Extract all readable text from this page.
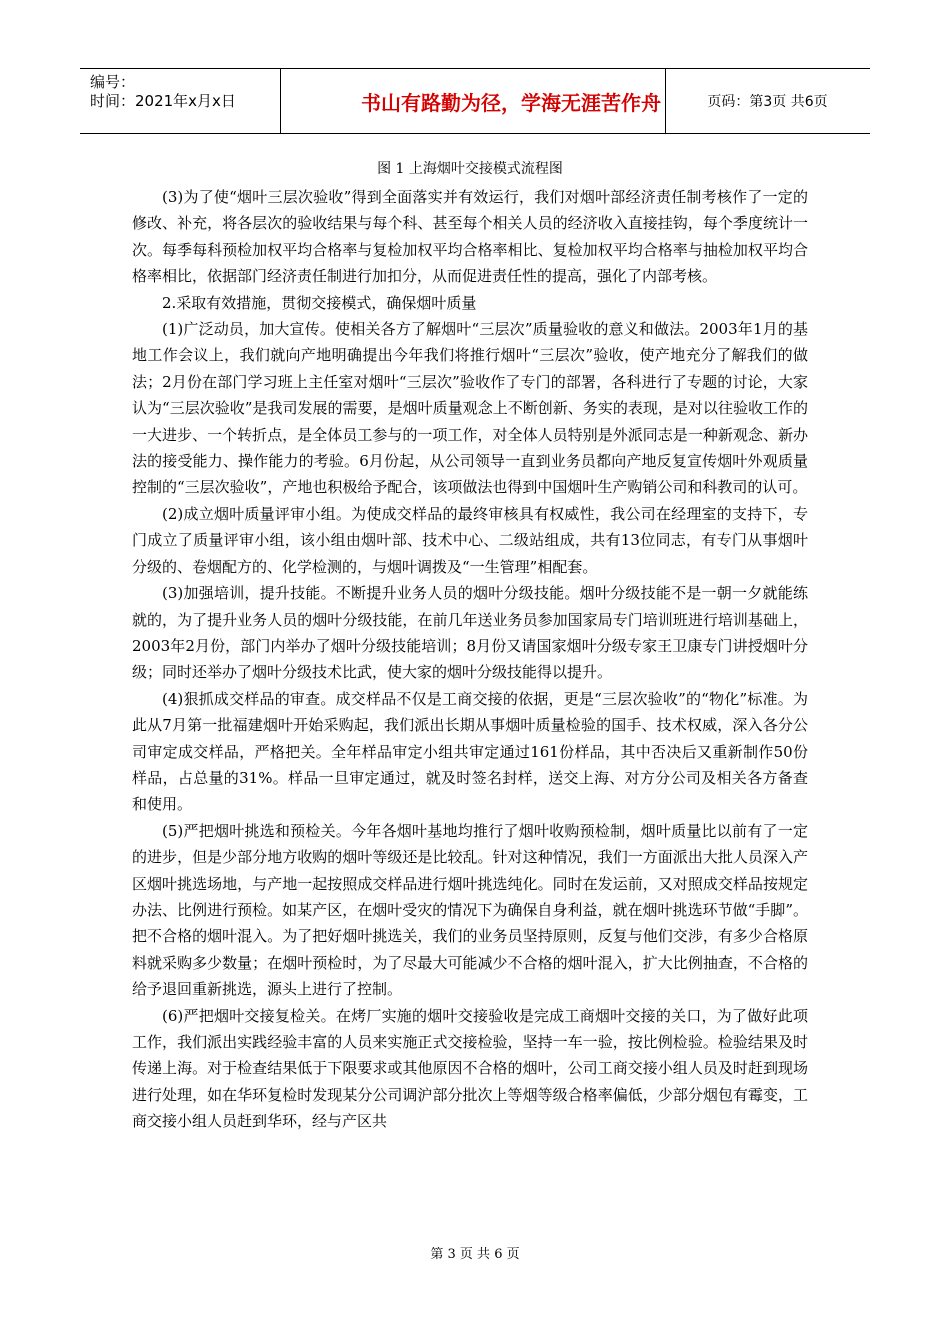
编号：
时间：2021年x月x日	书山有路勤为径，学海无涯苦作舟	页码：第3页 共6页
图 1 上海烟叶交接模式流程图

(3)为了使“烟叶三层次验收”得到全面落实并有效运行，我们对烟叶部经济责任制考核作了一定的修改、补充，将各层次的验收结果与每个科、甚至每个相关人员的经济收入直接挂钩，每个季度统计一次。每季每科预检加权平均合格率与复检加权平均合格率相比、复检加权平均合格率与抽检加权平均合格率相比，依据部门经济责任制进行加扣分，从而促进责任性的提高，强化了内部考核。

2.采取有效措施，贯彻交接模式，确保烟叶质量

(1)广泛动员，加大宣传。使相关各方了解烟叶“三层次”质量验收的意义和做法。2003年1月的基地工作会议上，我们就向产地明确提出今年我们将推行烟叶“三层次”验收，使产地充分了解我们的做法；2月份在部门学习班上主任室对烟叶“三层次”验收作了专门的部署，各科进行了专题的讨论，大家认为“三层次验收”是我司发展的需要，是烟叶质量观念上不断创新、务实的表现，是对以往验收工作的一大进步、一个转折点，是全体员工参与的一项工作，对全体人员特别是外派同志是一种新观念、新办法的接受能力、操作能力的考验。6月份起，从公司领导一直到业务员都向产地反复宣传烟叶外观质量控制的“三层次验收”，产地也积极给予配合，该项做法也得到中国烟叶生产购销公司和科教司的认可。

(2)成立烟叶质量评审小组。为使成交样品的最终审核具有权威性，我公司在经理室的支持下，专门成立了质量评审小组，该小组由烟叶部、技术中心、二级站组成，共有13位同志，有专门从事烟叶分级的、卷烟配方的、化学检测的，与烟叶调拨及“一生管理”相配套。

(3)加强培训，提升技能。不断提升业务人员的烟叶分级技能。烟叶分级技能不是一朝一夕就能练就的，为了提升业务人员的烟叶分级技能，在前几年送业务员参加国家局专门培训班进行培训基础上，2003年2月份，部门内举办了烟叶分级技能培训；8月份又请国家烟叶分级专家王卫康专门讲授烟叶分级；同时还举办了烟叶分级技术比武，使大家的烟叶分级技能得以提升。

(4)狠抓成交样品的审查。成交样品不仅是工商交接的依据，更是“三层次验收”的“物化”标准。为此从7月第一批福建烟叶开始采购起，我们派出长期从事烟叶质量检验的国手、技术权威，深入各分公司审定成交样品，严格把关。全年样品审定小组共审定通过161份样品，其中否决后又重新制作50份样品，占总量的31%。样品一旦审定通过，就及时签名封样，送交上海、对方分公司及相关各方备查和使用。

(5)严把烟叶挑选和预检关。今年各烟叶基地均推行了烟叶收购预检制，烟叶质量比以前有了一定的进步，但是少部分地方收购的烟叶等级还是比较乱。针对这种情况，我们一方面派出大批人员深入产区烟叶挑选场地，与产地一起按照成交样品进行烟叶挑选纯化。同时在发运前，又对照成交样品按规定办法、比例进行预检。如某产区，在烟叶受灾的情况下为确保自身利益，就在烟叶挑选环节做“手脚”。把不合格的烟叶混入。为了把好烟叶挑选关，我们的业务员坚持原则，反复与他们交涉，有多少合格原料就采购多少数量；在烟叶预检时，为了尽最大可能减少不合格的烟叶混入，扩大比例抽查，不合格的给予退回重新挑选，源头上进行了控制。

(6)严把烟叶交接复检关。在烤厂实施的烟叶交接验收是完成工商烟叶交接的关口，为了做好此项工作，我们派出实践经验丰富的人员来实施正式交接检验，坚持一车一验，按比例检验。检验结果及时传递上海。对于检查结果低于下限要求或其他原因不合格的烟叶，公司工商交接小组人员及时赶到现场进行处理，如在华环复检时发现某分公司调沪部分批次上等烟等级合格率偏低，少部分烟包有霉变，工商交接小组人员赶到华环，经与产区共

第 3 页 共 6 页
